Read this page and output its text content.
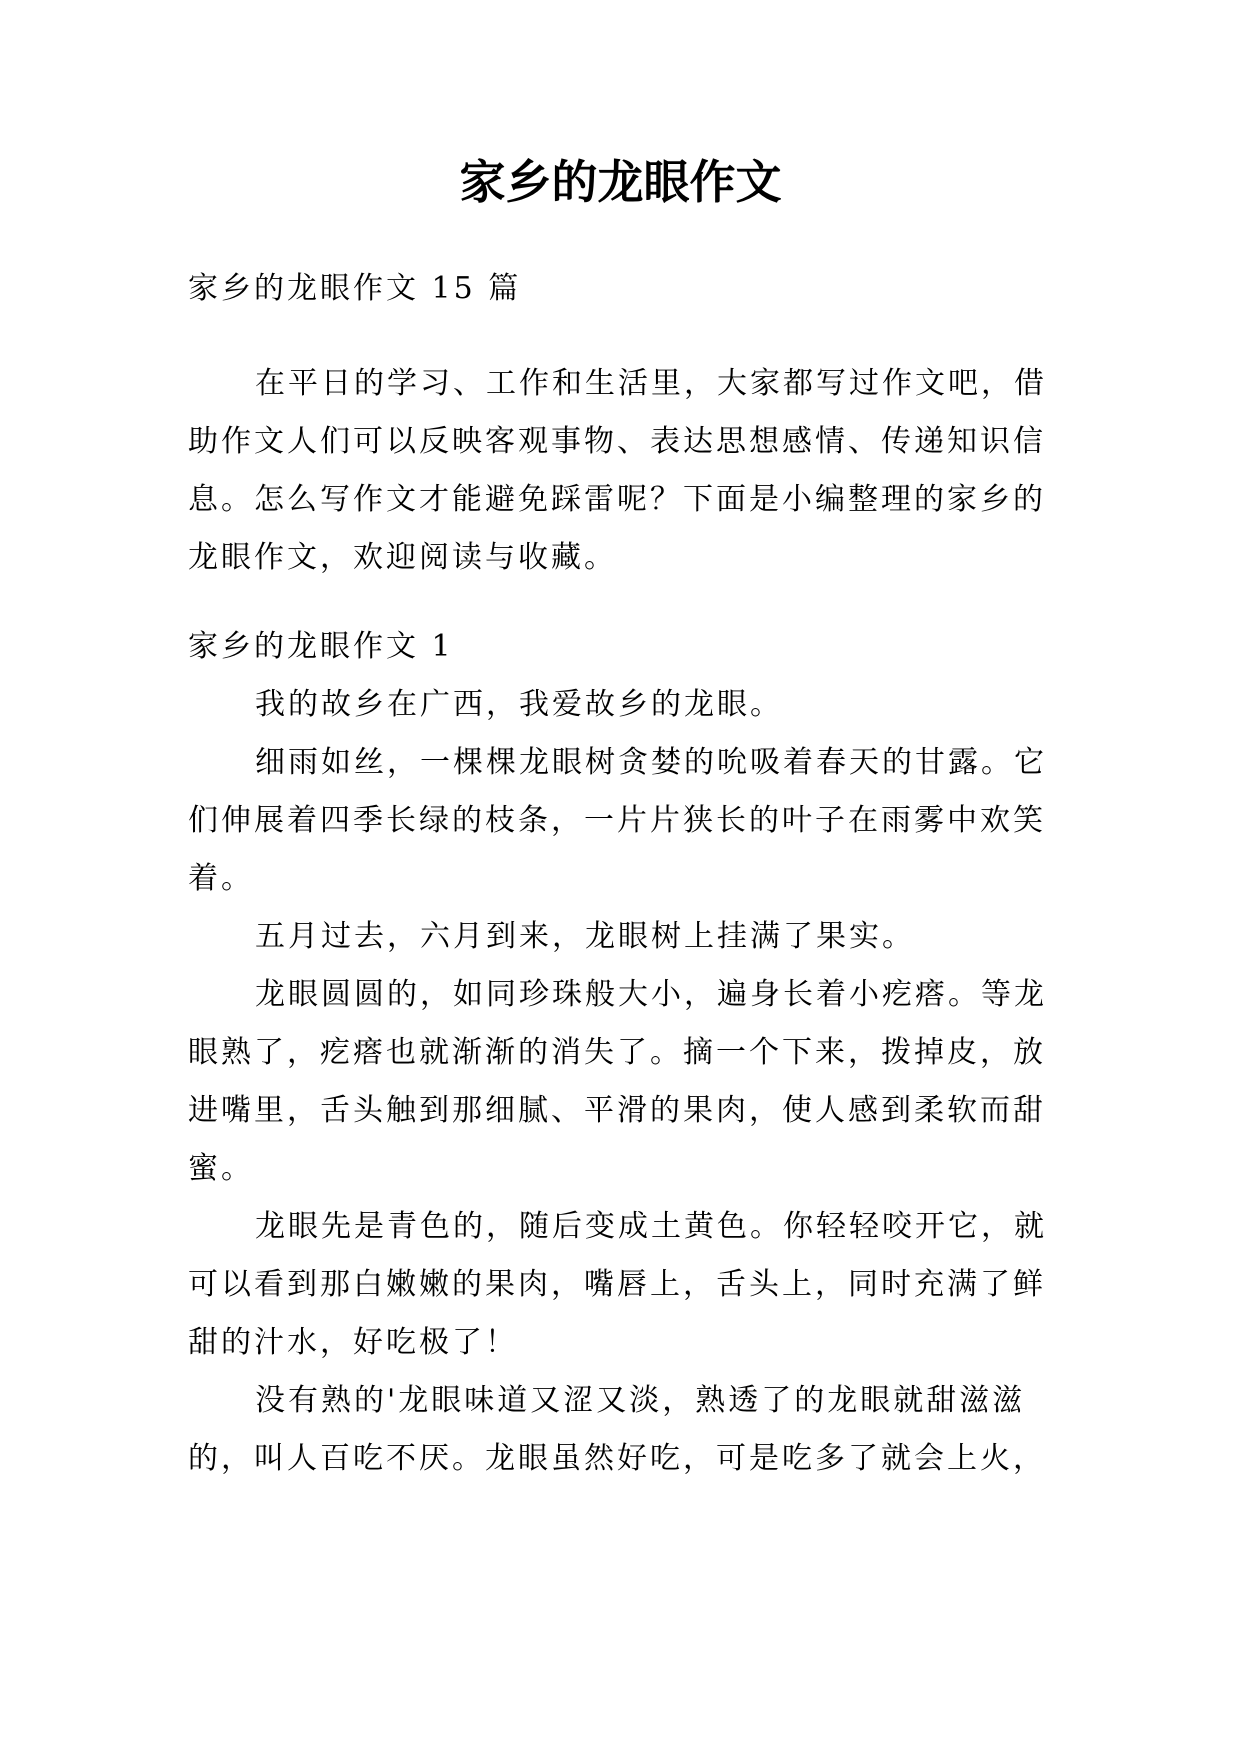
家乡的龙眼作文

家乡的龙眼作文 15 篇

在平日的学习、工作和生活里，大家都写过作文吧，借
助作文人们可以反映客观事物、表达思想感情、传递知识信
息。怎么写作文才能避免踩雷呢？下面是小编整理的家乡的
龙眼作文，欢迎阅读与收藏。

家乡的龙眼作文 1

我的故乡在广西，我爱故乡的龙眼。
细雨如丝，一棵棵龙眼树贪婪的吮吸着春天的甘露。它
们伸展着四季长绿的枝条，一片片狭长的叶子在雨雾中欢笑
着。
五月过去，六月到来，龙眼树上挂满了果实。
龙眼圆圆的，如同珍珠般大小，遍身长着小疙瘩。等龙
眼熟了，疙瘩也就渐渐的消失了。摘一个下来，拨掉皮，放
进嘴里，舌头触到那细腻、平滑的果肉，使人感到柔软而甜
蜜。
龙眼先是青色的，随后变成土黄色。你轻轻咬开它，就
可以看到那白嫩嫩的果肉，嘴唇上，舌头上，同时充满了鲜
甜的汁水，好吃极了！
没有熟的'龙眼味道又涩又淡，熟透了的龙眼就甜滋滋
的，叫人百吃不厌。龙眼虽然好吃，可是吃多了就会上火，
